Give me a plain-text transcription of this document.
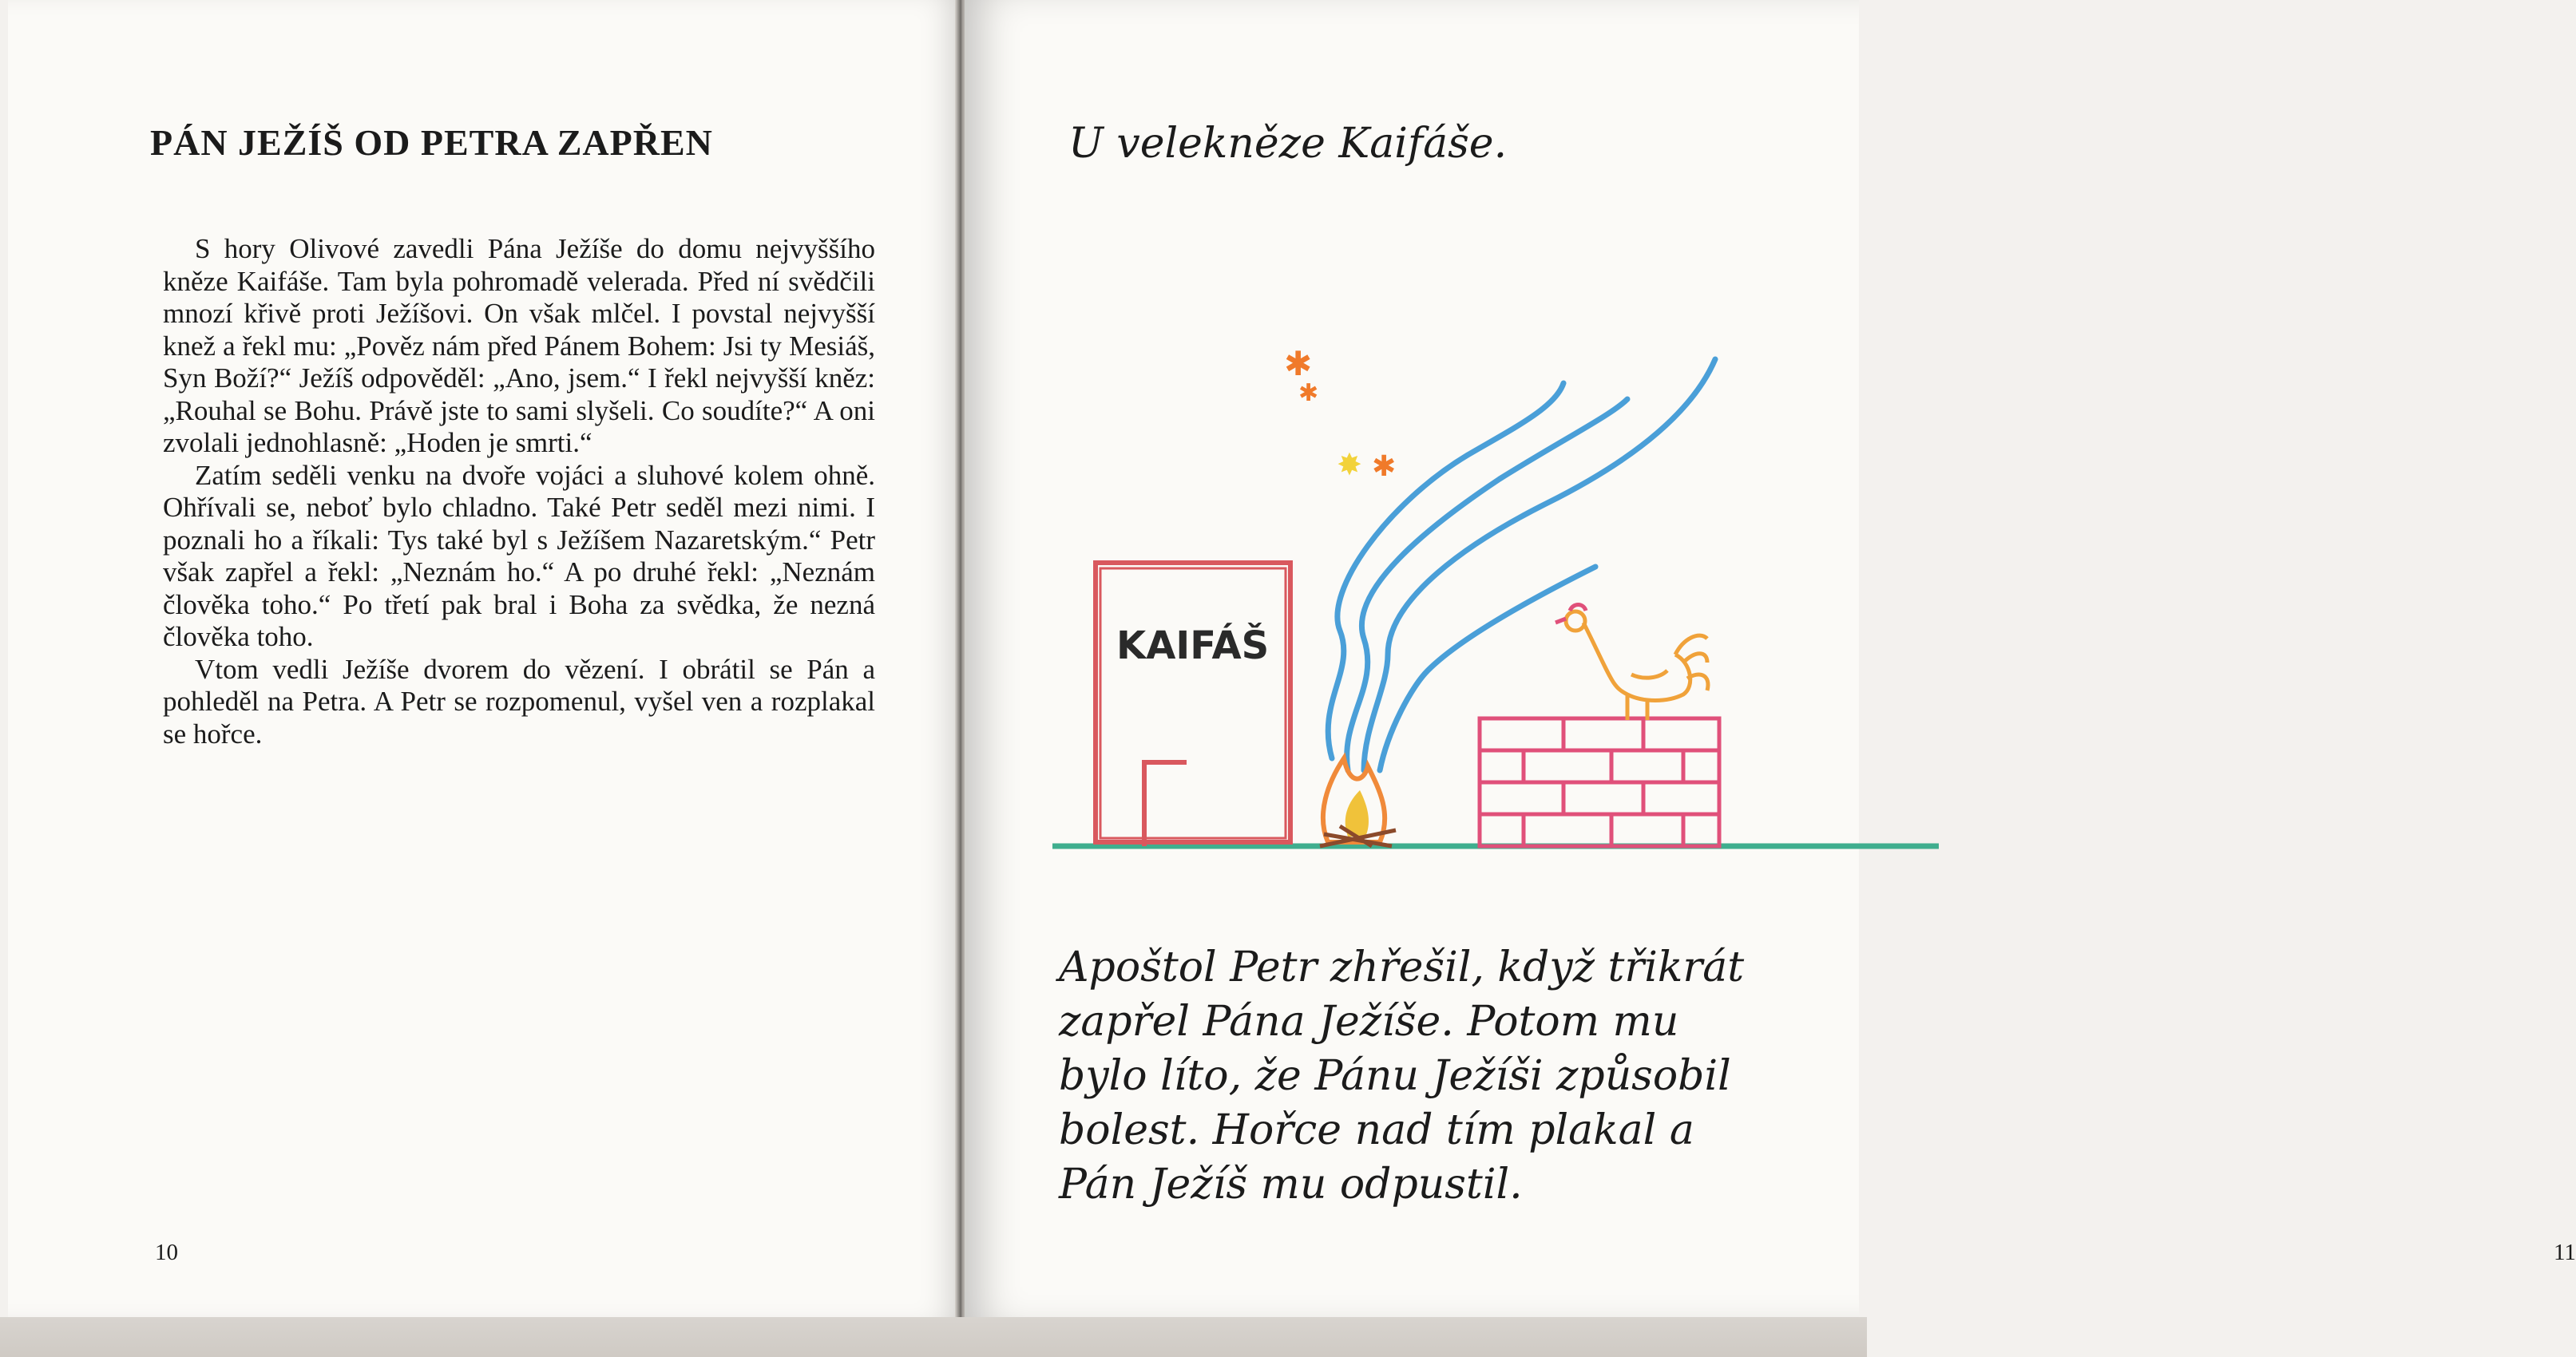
PÁN JEŽÍŠ OD PETRA ZAPŘEN

S hory Olivové zavedli Pána Ježíše do domu nejvyššího kněze Kaifáše. Tam byla pohromadě velerada. Před ní svědčili mnozí křivě proti Ježíšovi. On však mlčel. I povstal nejvyšší knež a řekl mu: „Pověz nám před Pánem Bohem: Jsi ty Mesiáš, Syn Boží?“ Ježíš odpověděl: „Ano, jsem.“ I řekl nejvyšší kněz: „Rouhal se Bohu. Právě jste to sami slyšeli. Co soudíte?“ A oni zvolali jednohlasně: „Hoden je smrti.“

Zatím seděli venku na dvoře vojáci a sluhové kolem ohně. Ohřívali se, neboť bylo chladno. Také Petr seděl mezi nimi. I poznali ho a říkali: Tys také byl s Ježíšem Nazaretským.“ Petr však zapřel a řekl: „Neznám ho.“ A po druhé řekl: „Neznám člověka toho.“ Po třetí pak bral i Boha za svědka, že nezná člověka toho.

Vtom vedli Ježíše dvorem do vězení. I obrátil se Pán a pohleděl na Petra. A Petr se rozpomenul, vyšel ven a rozplakal se hořce.

10
U velekněze Kaifáše.
✱
✱
✸ ✱
KAIFÁŠ

Apoštol Petr zhřešil, když třikrát zapřel Pána Ježíše. Potom mu bylo líto, že Pánu Ježíši způsobil bolest. Hořce nad tím plakal a Pán Ježíš mu odpustil.

11
